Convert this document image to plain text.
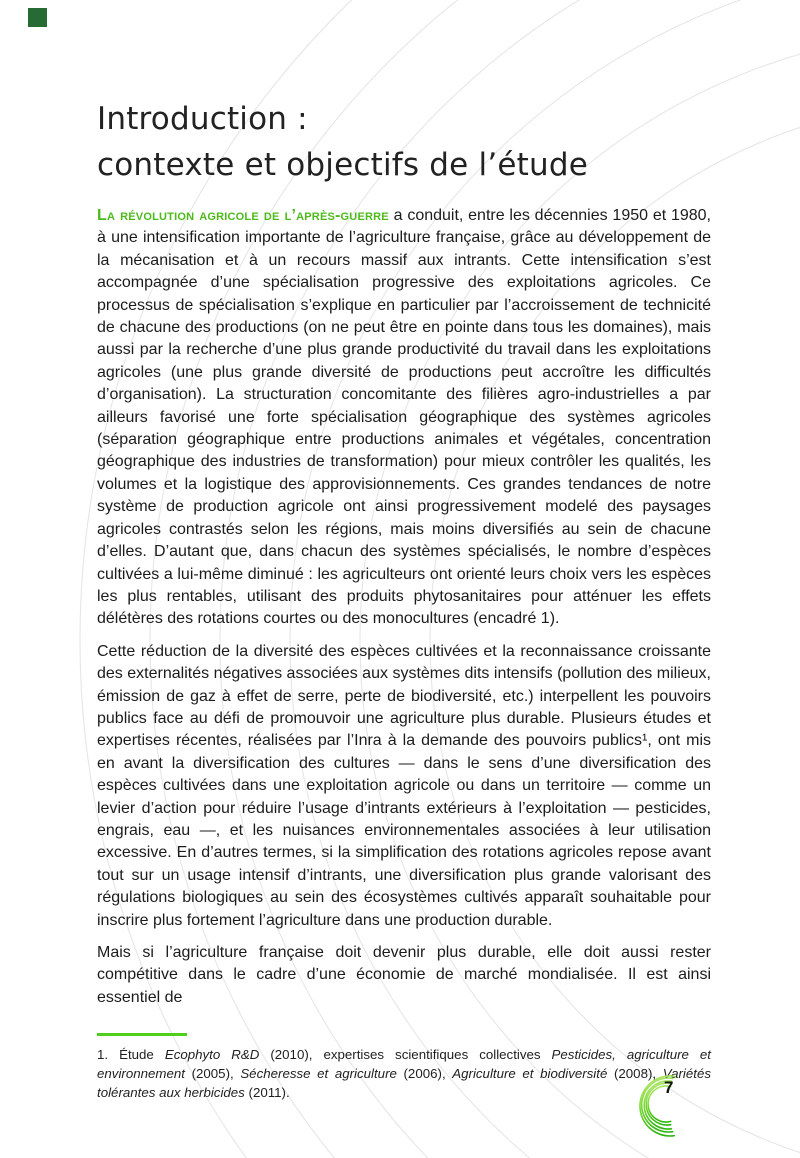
Introduction :
contexte et objectifs de l’étude

La révolution agricole de l’après-guerre a conduit, entre les décennies 1950 et 1980, à une intensification importante de l’agriculture française, grâce au développement de la mécanisation et à un recours massif aux intrants. Cette intensification s’est accompagnée d’une spécialisation progressive des exploitations agricoles. Ce processus de spécialisation s’explique en particulier par l’accroissement de technicité de chacune des productions (on ne peut être en pointe dans tous les domaines), mais aussi par la recherche d’une plus grande productivité du travail dans les exploitations agricoles (une plus grande diversité de productions peut accroître les difficultés d’organisation). La structuration concomitante des filières agro-industrielles a par ailleurs favorisé une forte spécialisation géographique des systèmes agricoles (séparation géographique entre productions animales et végétales, concentration géographique des industries de transformation) pour mieux contrôler les qualités, les volumes et la logistique des approvisionnements. Ces grandes tendances de notre système de production agricole ont ainsi progressivement modelé des paysages agricoles contrastés selon les régions, mais moins diversifiés au sein de chacune d’elles. D’autant que, dans chacun des systèmes spécialisés, le nombre d’espèces cultivées a lui-même diminué : les agriculteurs ont orienté leurs choix vers les espèces les plus rentables, utilisant des produits phytosanitaires pour atténuer les effets délétères des rotations courtes ou des monocultures (encadré 1).

Cette réduction de la diversité des espèces cultivées et la reconnaissance croissante des externalités négatives associées aux systèmes dits intensifs (pollution des milieux, émission de gaz à effet de serre, perte de biodiversité, etc.) interpellent les pouvoirs publics face au défi de promouvoir une agriculture plus durable. Plusieurs études et expertises récentes, réalisées par l’Inra à la demande des pouvoirs publics¹, ont mis en avant la diversification des cultures — dans le sens d’une diversification des espèces cultivées dans une exploitation agricole ou dans un territoire — comme un levier d’action pour réduire l’usage d’intrants extérieurs à l’exploitation — pesticides, engrais, eau —, et les nuisances environnementales associées à leur utilisation excessive. En d’autres termes, si la simplification des rotations agricoles repose avant tout sur un usage intensif d’intrants, une diversification plus grande valorisant des régulations biologiques au sein des écosystèmes cultivés apparaît souhaitable pour inscrire plus fortement l’agriculture dans une production durable.

Mais si l’agriculture française doit devenir plus durable, elle doit aussi rester compétitive dans le cadre d’une économie de marché mondialisée. Il est ainsi essentiel de

1. Étude Ecophyto R&D (2010), expertises scientifiques collectives Pesticides, agriculture et environnement (2005), Sécheresse et agriculture (2006), Agriculture et biodiversité (2008), Variétés tolérantes aux herbicides (2011).	7
